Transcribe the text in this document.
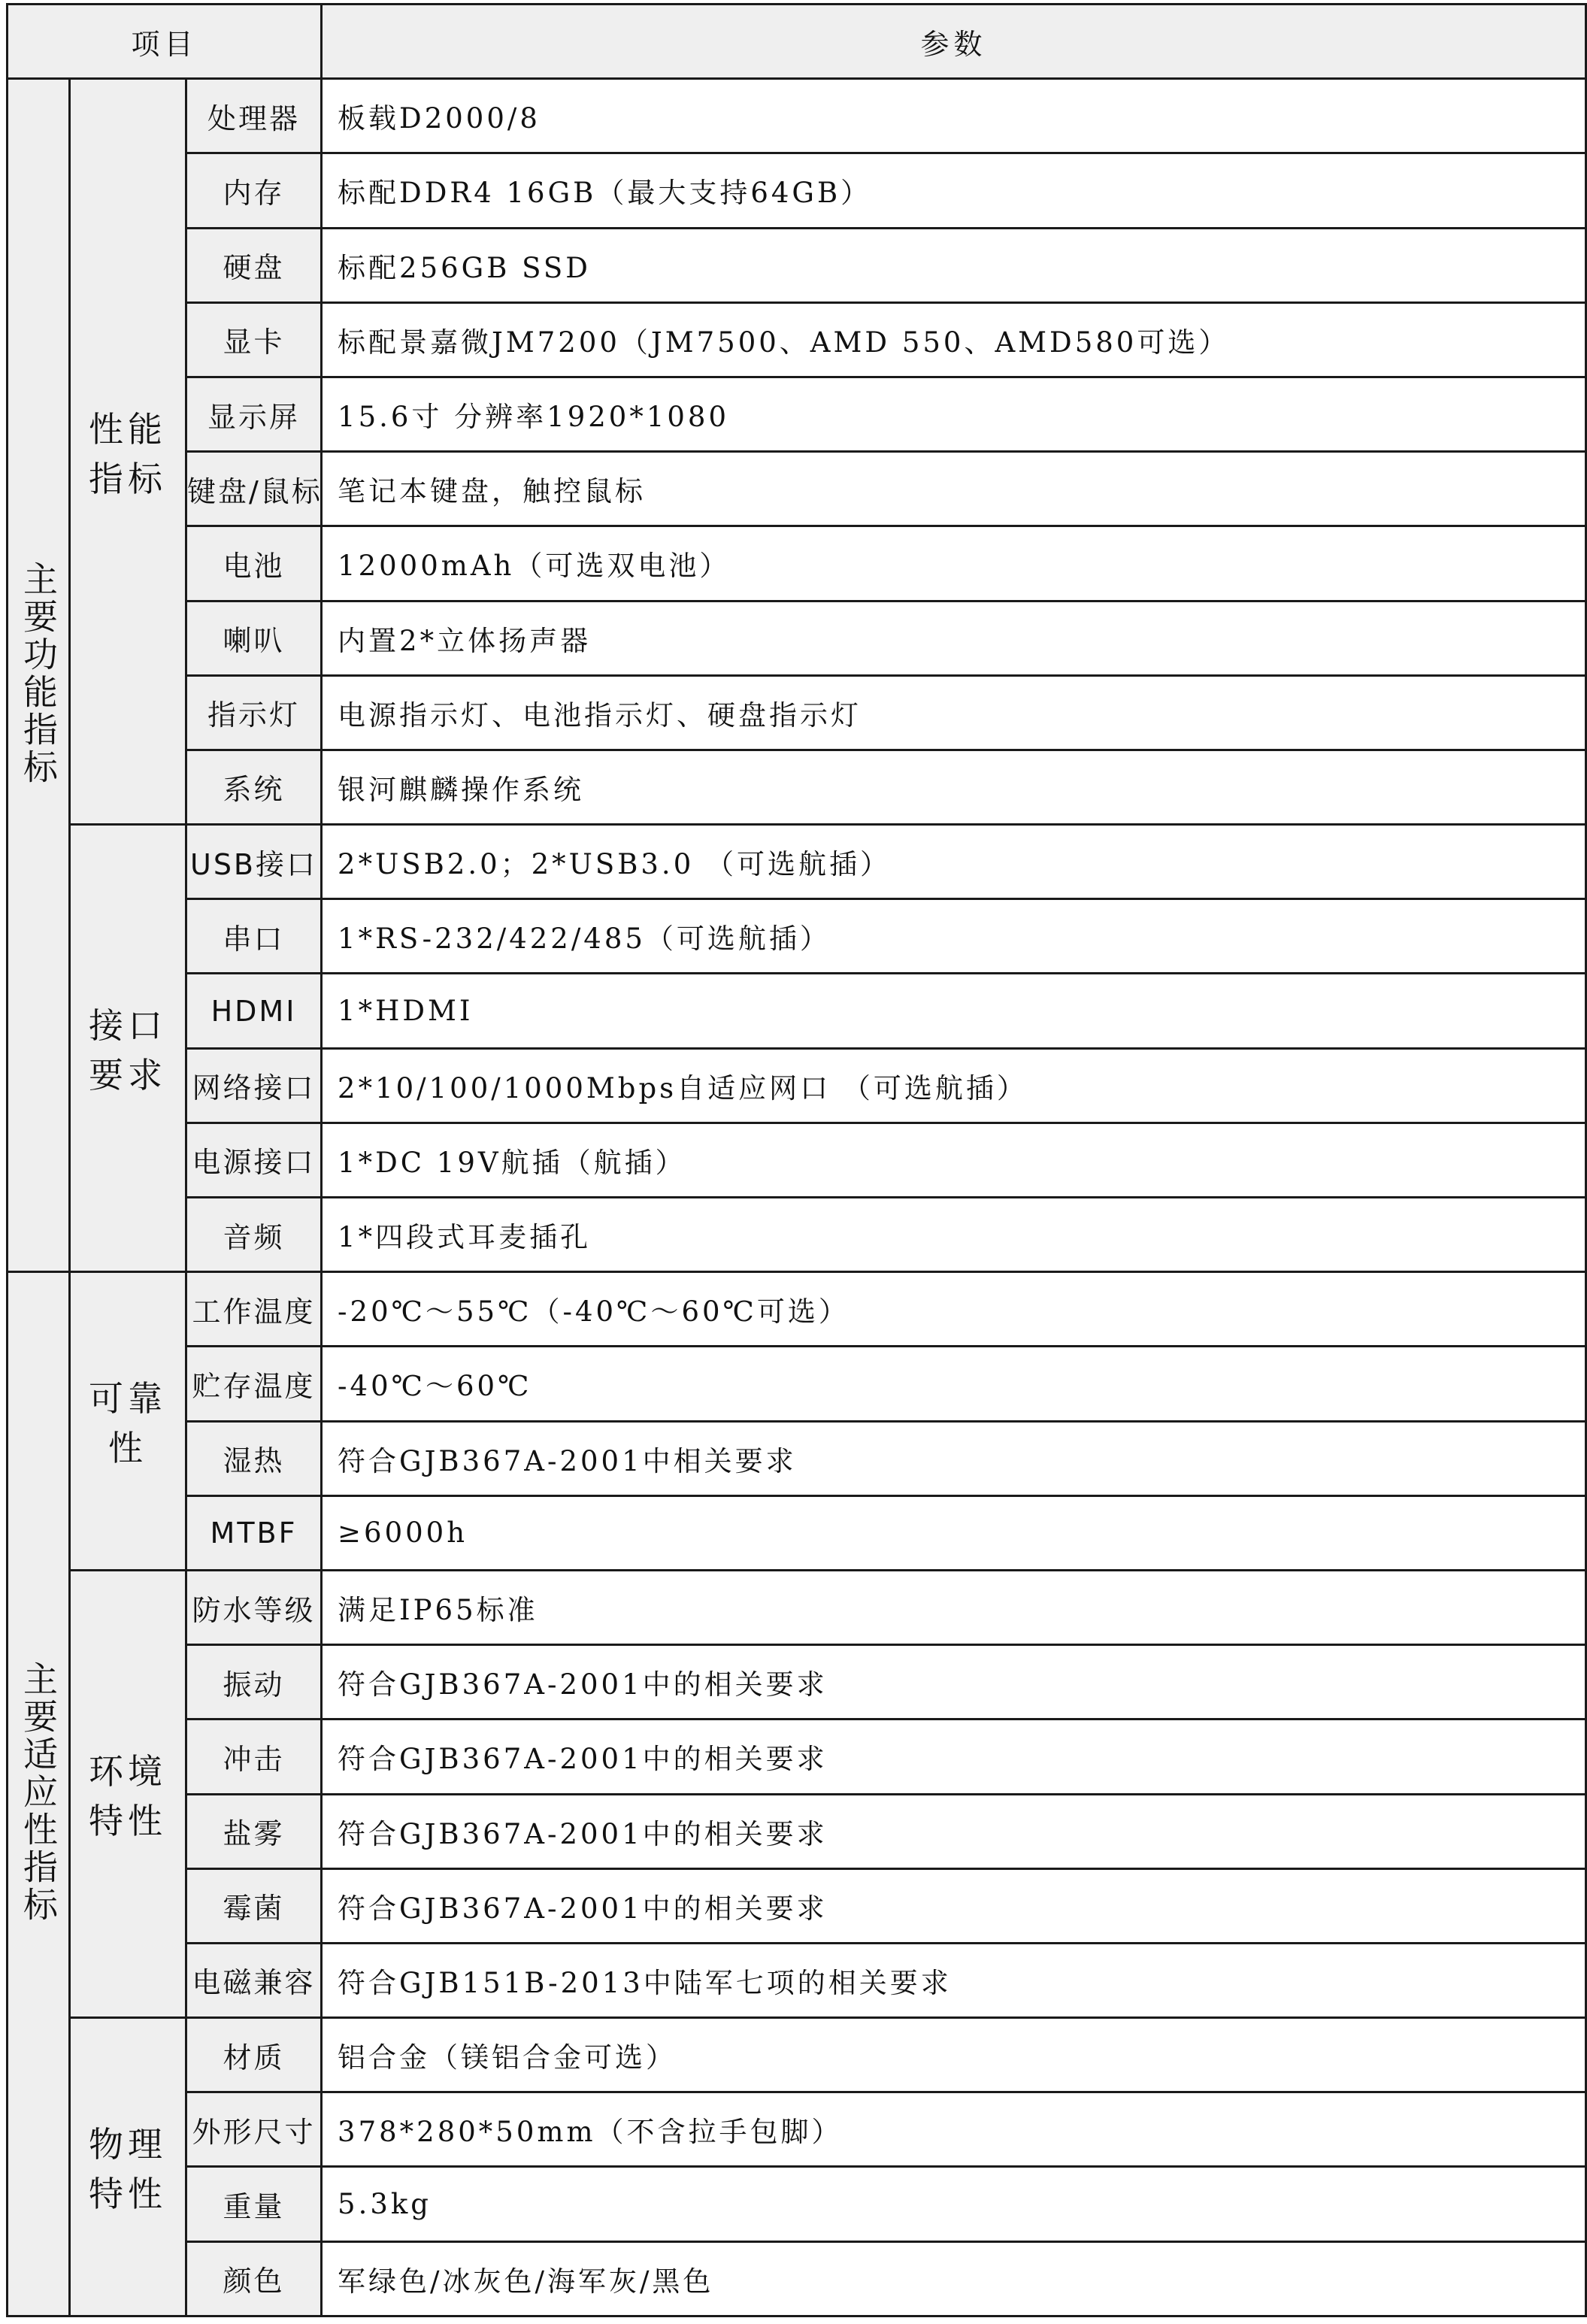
项目			参数
主要功能指标	性能指标	处理器	板载D2000/8
		内存	标配DDR4 16GB（最大支持64GB）
		硬盘	标配256GB SSD
		显卡	标配景嘉微JM7200（JM7500、AMD 550、AMD580可选）
		显示屏	15.6寸 分辨率1920*1080
		键盘/鼠标	笔记本键盘，触控鼠标
		电池	12000mAh（可选双电池）
		喇叭	内置2*立体扬声器
		指示灯	电源指示灯、电池指示灯、硬盘指示灯
		系统	银河麒麟操作系统
	接口要求	USB接口	2*USB2.0；2*USB3.0 （可选航插）
		串口	1*RS-232/422/485（可选航插）
		HDMI	1*HDMI
		网络接口	2*10/100/1000Mbps自适应网口 （可选航插）
		电源接口	1*DC 19V航插（航插）
		音频	1*四段式耳麦插孔
主要适应性指标	可靠性	工作温度	-20℃～55℃（-40℃～60℃可选）
		贮存温度	-40℃～60℃
		湿热	符合GJB367A-2001中相关要求
		MTBF	≥6000h
	环境特性	防水等级	满足IP65标准
		振动	符合GJB367A-2001中的相关要求
		冲击	符合GJB367A-2001中的相关要求
		盐雾	符合GJB367A-2001中的相关要求
		霉菌	符合GJB367A-2001中的相关要求
		电磁兼容	符合GJB151B-2013中陆军七项的相关要求
	物理特性	材质	铝合金（镁铝合金可选）
		外形尺寸	378*280*50mm（不含拉手包脚）
		重量	5.3kg
		颜色	军绿色/冰灰色/海军灰/黑色
